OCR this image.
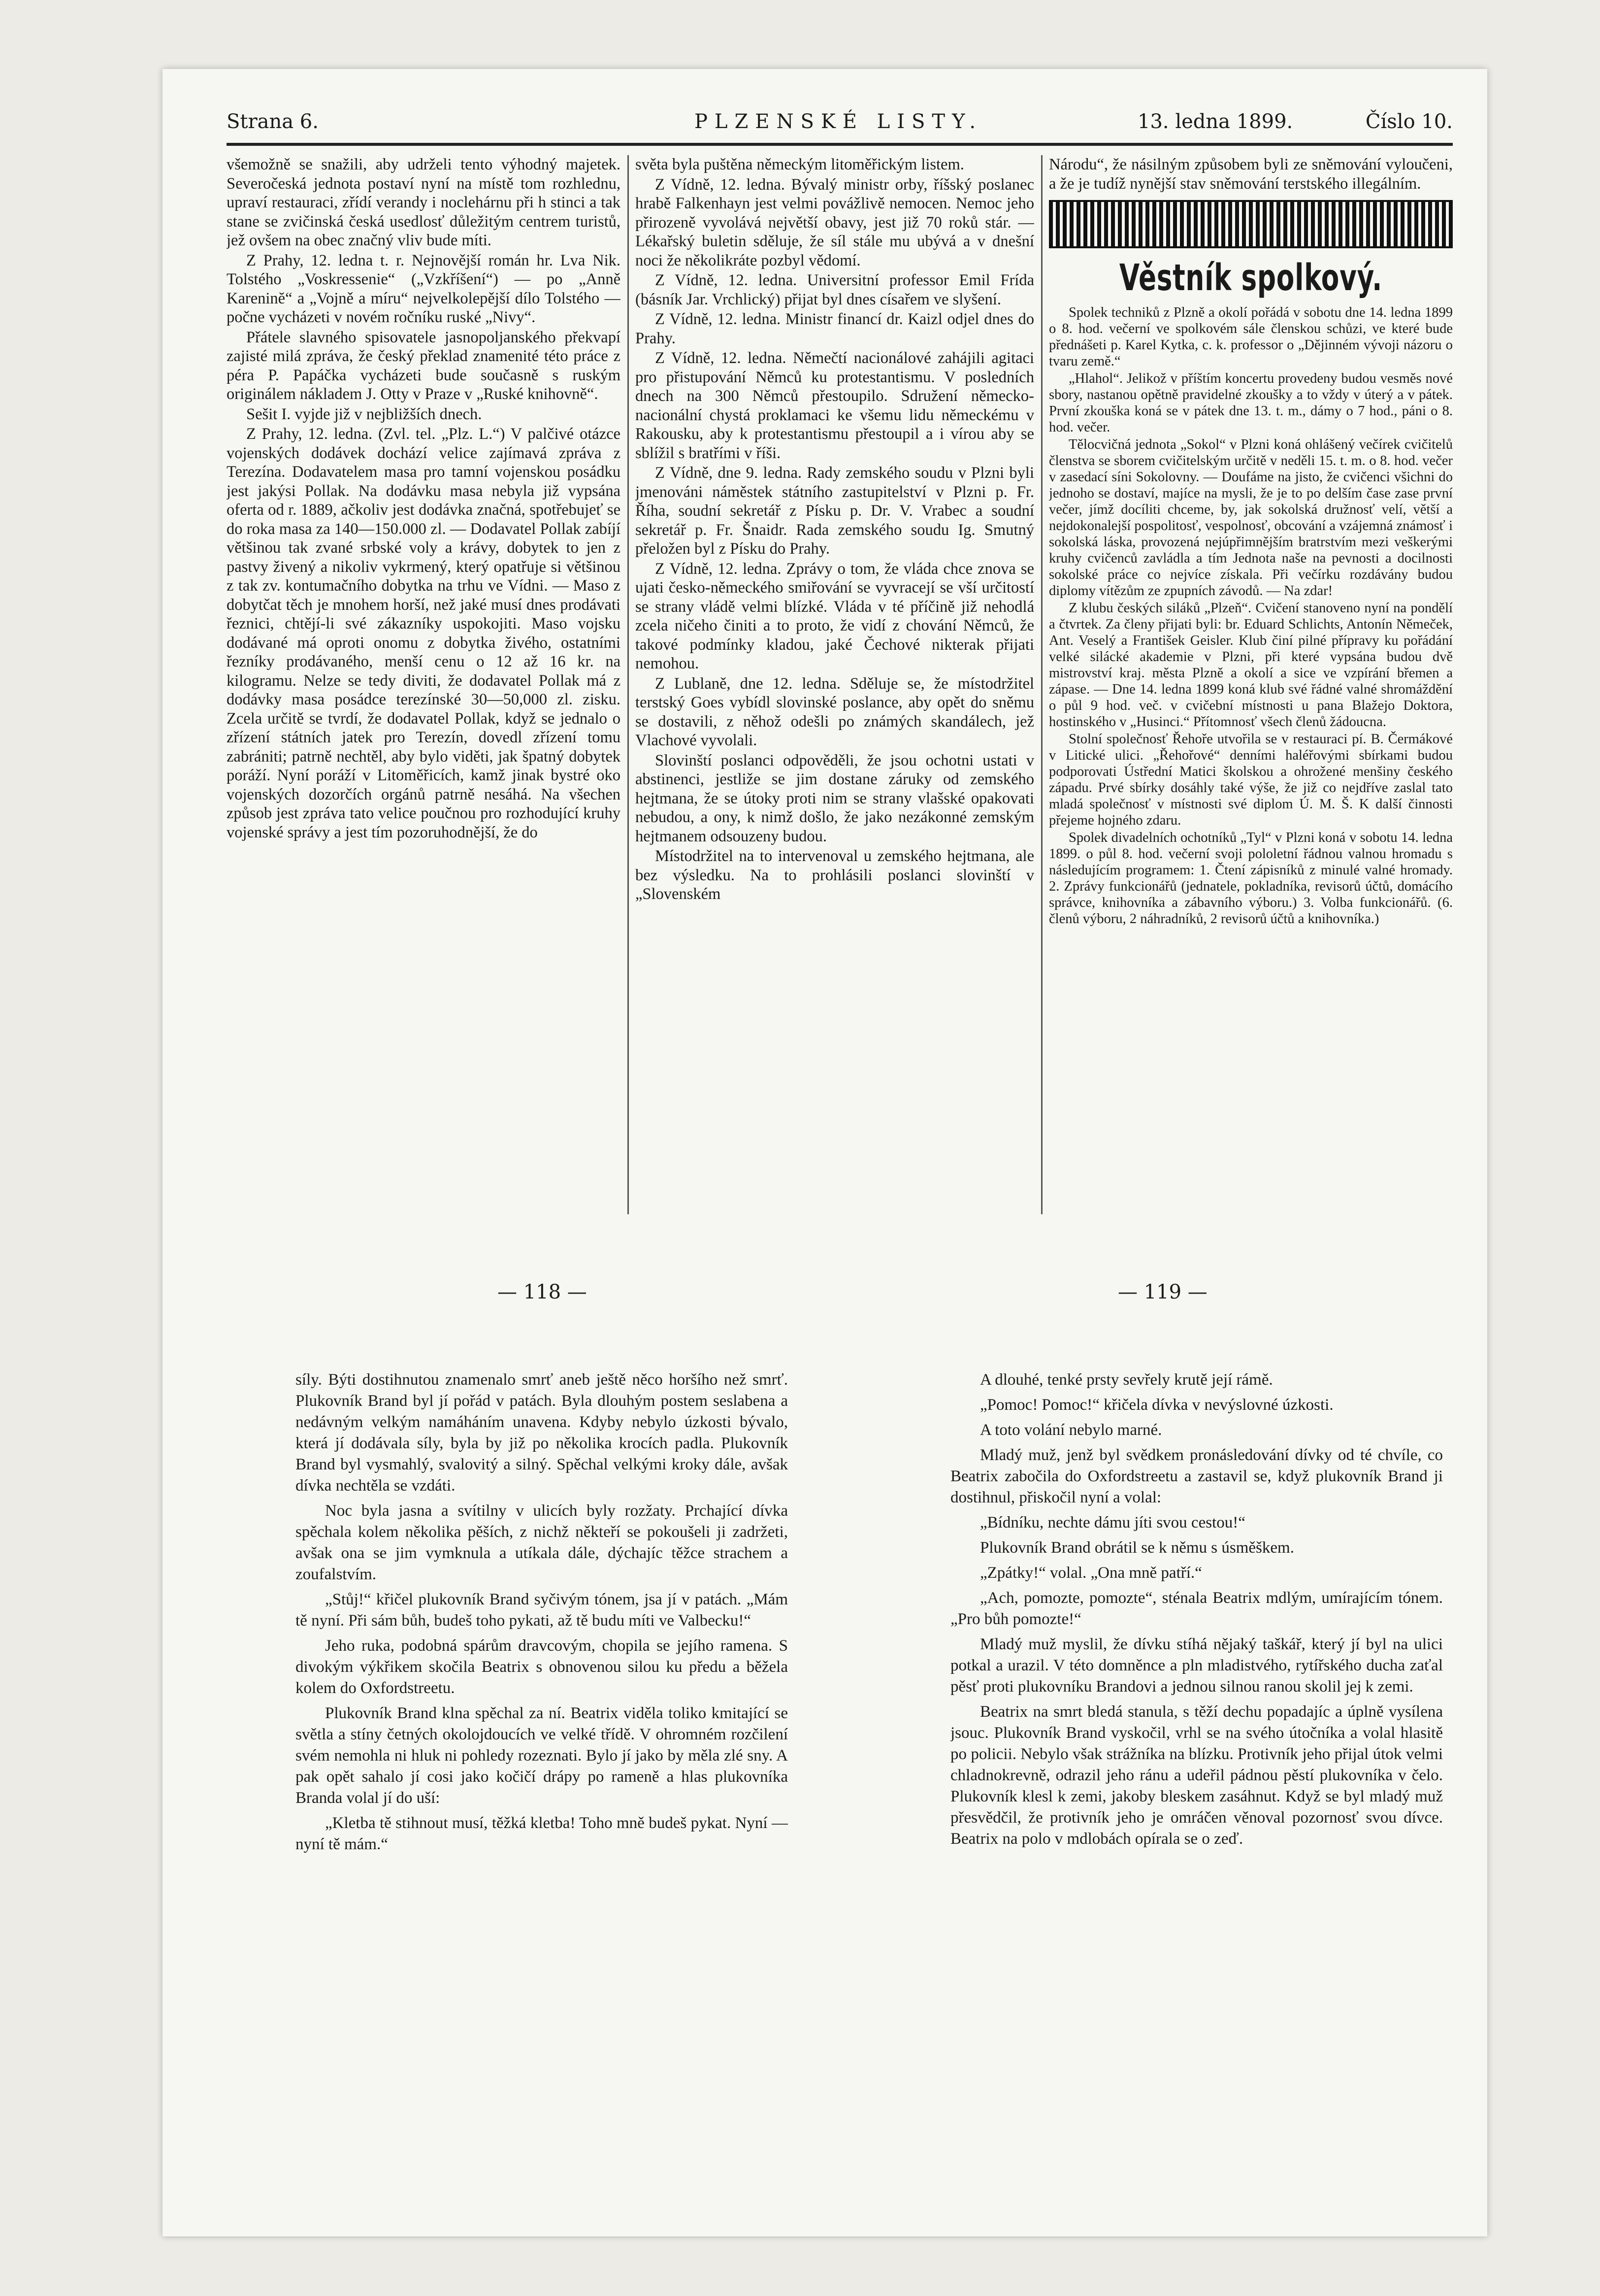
Strana 6.	PLZENSKÉ LISTY.	13. ledna 1899.	Číslo 10.

všemožně se snažili, aby udrželi tento výhodný majetek. Severočeská jednota postaví nyní na místě tom rozhlednu, upraví restauraci, zřídí verandy i noclehárnu při h stinci a tak stane se zvičinská česká usedlosť důležitým centrem turistů, jež ovšem na obec značný vliv bude míti.

Z Prahy, 12. ledna t. r. Nejnovější román hr. Lva Nik. Tolstého „Voskressenie“ („Vzkříšení“) — po „Anně Kareninĕ“ a „Vojně a míru“ nejvelkolepější dílo Tolstého — počne vycházeti v novém ročníku ruské „Nivy“.

Přátele slavného spisovatele jasnopoljanského překvapí zajisté milá zpráva, že český překlad znamenité této práce z péra P. Papáčka vycházeti bude současně s ruským originálem nákladem J. Otty v Praze v „Ruské knihovně“.

Sešit I. vyjde již v nejbližších dnech.

Z Prahy, 12. ledna. (Zvl. tel. „Plz. L.“) V palčivé otázce vojenských dodávek dochází velice zajímavá zpráva z Terezína. Dodavatelem masa pro tamní vojenskou posádku jest jakýsi Pollak. Na dodávku masa nebyla již vypsána oferta od r. 1889, ačkoliv jest dodávka značná, spotřebujeť se do roka masa za 140—150.000 zl. — Dodavatel Pollak zabíjí většinou tak zvané srbské voly a krávy, dobytek to jen z pastvy živený a nikoliv vykrmený, který opatřuje si většinou z tak zv. kontumačního dobytka na trhu ve Vídni. — Maso z dobytčat těch je mnohem horší, než jaké musí dnes prodávati řeznici, chtějí-li své zákazníky uspokojiti. Maso vojsku dodávané má oproti onomu z dobytka živého, ostatními řezníky prodávaného, menší cenu o 12 až 16 kr. na kilogramu. Nelze se tedy diviti, že dodavatel Pollak má z dodávky masa posádce terezínské 30—50,000 zl. zisku. Zcela určitě se tvrdí, že dodavatel Pollak, když se jednalo o zřízení státních jatek pro Terezín, dovedl zřízení tomu zabrániti; patrně nechtěl, aby bylo viděti, jak špatný dobytek poráží. Nyní poráží v Litoměřicích, kamž jinak bystré oko vojenských dozorčích orgánů patrně nesáhá. Na všechen způsob jest zpráva tato velice poučnou pro rozhodující kruhy vojenské správy a jest tím pozoruhodnější, že do

světa byla puštěna německým litoměřickým listem.

Z Vídně, 12. ledna. Bývalý ministr orby, říšský poslanec hrabě Falkenhayn jest velmi povážlivě nemocen. Nemoc jeho přirozeně vyvolává největší obavy, jest již 70 roků stár. — Lékařský buletin sděluje, že síl stále mu ubývá a v dnešní noci že několikráte pozbyl vědomí.

Z Vídně, 12. ledna. Universitní professor Emil Frída (básník Jar. Vrchlický) přijat byl dnes císařem ve slyšení.

Z Vídně, 12. ledna. Ministr financí dr. Kaizl odjel dnes do Prahy.

Z Vídně, 12. ledna. Němečtí nacionálové zahájili agitaci pro přistupování Němců ku protestantismu. V posledních dnech na 300 Němců přestoupilo. Sdružení německo-nacionální chystá proklamaci ke všemu lidu německému v Rakousku, aby k protestantismu přestoupil a i vírou aby se sblížil s bratřími v říši.

Z Vídně, dne 9. ledna. Rady zemského soudu v Plzni byli jmenováni náměstek státního zastupitelství v Plzni p. Fr. Říha, soudní sekretář z Písku p. Dr. V. Vrabec a soudní sekretář p. Fr. Šnaidr. Rada zemského soudu Ig. Smutný přeložen byl z Písku do Prahy.

Z Vídně, 12. ledna. Zprávy o tom, že vláda chce znova se ujati česko-německého smiřování se vyvracejí se vší určitostí se strany vládě velmi blízké. Vláda v té příčině již nehodlá zcela ničeho činiti a to proto, že vidí z chování Němců, že takové podmínky kladou, jaké Čechové nikterak přijati nemohou.

Z Lublaně, dne 12. ledna. Sděluje se, že místodržitel terstský Goes vybídl slovinské poslance, aby opět do sněmu se dostavili, z něhož odešli po známých skandálech, jež Vlachové vyvolali.

Slovinští poslanci odpověděli, že jsou ochotni ustati v abstinenci, jestliže se jim dostane záruky od zemského hejtmana, že se útoky proti nim se strany vlašské opakovati nebudou, a ony, k nimž došlo, že jako nezákonné zemským hejtmanem odsouzeny budou.

Místodržitel na to intervenoval u zemského hejtmana, ale bez výsledku. Na to prohlásili poslanci slovinští v „Slovenském

Národu“, že násilným způsobem byli ze sněmování vyloučeni, a že je tudíž nynější stav sněmování terstského illegálním.

Věstník spolkový.

Spolek techniků z Plzně a okolí pořádá v sobotu dne 14. ledna 1899 o 8. hod. večerní ve spolkovém sále členskou schůzi, ve které bude přednášeti p. Karel Kytka, c. k. professor o „Dějinném vývoji názoru o tvaru země.“

„Hlahol“. Jelikož v příštím koncertu provedeny budou vesměs nové sbory, nastanou opětně pravidelné zkoušky a to vždy v úterý a v pátek. První zkouška koná se v pátek dne 13. t. m., dámy o 7 hod., páni o 8. hod. večer.

Tělocvičná jednota „Sokol“ v Plzni koná ohlášený večírek cvičitelů členstva se sborem cvičitelským určitě v neděli 15. t. m. o 8. hod. večer v zasedací síni Sokolovny. — Doufáme na jisto, že cvičenci všichni do jednoho se dostaví, majíce na mysli, že je to po delším čase zase první večer, jímž docíliti chceme, by, jak sokolská družnosť velí, větší a nejdokonalejší pospolitosť, vespolnosť, obcování a vzájemná známosť i sokolská láska, provozená nejúpřimnějším bratrstvím mezi veškerými kruhy cvičenců zavládla a tím Jednota naše na pevnosti a docilnosti sokolské práce co nejvíce získala. Při večírku rozdávány budou diplomy vítězům ze zpupních závodů. — Na zdar!

Z klubu českých siláků „Plzeň“. Cvičení stanoveno nyní na pondělí a čtvrtek. Za členy přijati byli: br. Eduard Schlichts, Antonín Němeček, Ant. Veselý a František Geisler. Klub činí pilné přípravy ku pořádání velké silácké akademie v Plzni, při které vypsána budou dvě mistrovství kraj. města Plzně a okolí a sice ve vzpírání břemen a zápase. — Dne 14. ledna 1899 koná klub své řádné valné shromáždění o půl 9 hod. več. v cvičební místnosti u pana Blažejo Doktora, hostinského v „Husinci.“ Přítomnosť všech členů žádoucna.

Stolní společnosť Řehoře utvořila se v restauraci pí. B. Čermákové v Litické ulici. „Řehořové“ denními haléřovými sbírkami budou podporovati Ústřední Matici školskou a ohrožené menšiny českého západu. Prvé sbírky dosáhly také výše, že již co nejdříve zaslal tato mladá společnosť v místnosti své diplom Ú. M. Š. K další činnosti přejeme hojného zdaru.

Spolek divadelních ochotníků „Tyl“ v Plzni koná v sobotu 14. ledna 1899. o půl 8. hod. večerní svoji pololetní řádnou valnou hromadu s následujícím programem: 1. Čtení zápisníků z minulé valné hromady. 2. Zprávy funkcionářů (jednatele, pokladníka, revisorů účtů, domácího správce, knihovníka a zábavního výboru.) 3. Volba funkcionářů. (6. členů výboru, 2 náhradníků, 2 revisorů účtů a knihovníka.)

— 118 —	— 119 —

síly. Býti dostihnutou znamenalo smrť aneb ještě něco horšího než smrť. Plukovník Brand byl jí pořád v patách. Byla dlouhým postem seslabena a nedávným velkým namáháním unavena. Kdyby nebylo úzkosti bývalo, která jí dodávala síly, byla by již po několika krocích padla. Plukovník Brand byl vysmahlý, svalovitý a silný. Spěchal velkými kroky dále, avšak dívka nechtěla se vzdáti.

Noc byla jasna a svítilny v ulicích byly rozžaty. Prchající dívka spěchala kolem několika pěších, z nichž někteří se pokoušeli ji zadržeti, avšak ona se jim vymknula a utíkala dále, dýchajíc těžce strachem a zoufalstvím.

„Stůj!“ křičel plukovník Brand syčivým tónem, jsa jí v patách. „Mám tě nyní. Při sám bůh, budeš toho pykati, až tě budu míti ve Valbecku!“

Jeho ruka, podobná spárům dravcovým, chopila se jejího ramena. S divokým výkřikem skočila Beatrix s obnovenou silou ku předu a běžela kolem do Oxfordstreetu.

Plukovník Brand klna spěchal za ní. Beatrix viděla toliko kmitající se světla a stíny četných okolojdoucích ve velké třídě. V ohromném rozčilení svém nemohla ni hluk ni pohledy rozeznati. Bylo jí jako by měla zlé sny. A pak opět sahalo jí cosi jako kočičí drápy po rameně a hlas plukovníka Branda volal jí do uší:

„Kletba tě stihnout musí, těžká kletba! Toho mně budeš pykat. Nyní — nyní tě mám.“

A dlouhé, tenké prsty sevřely krutě její rámě.

„Pomoc! Pomoc!“ křičela dívka v nevýslovné úzkosti.

A toto volání nebylo marné.

Mladý muž, jenž byl svědkem pronásledování dívky od té chvíle, co Beatrix zabočila do Oxfordstreetu a zastavil se, když plukovník Brand ji dostihnul, přiskočil nyní a volal:

„Bídníku, nechte dámu jíti svou cestou!“

Plukovník Brand obrátil se k němu s úsměškem.

„Zpátky!“ volal. „Ona mně patří.“

„Ach, pomozte, pomozte“, sténala Beatrix mdlým, umírajícím tónem. „Pro bůh pomozte!“

Mladý muž myslil, že dívku stíhá nějaký taškář, který jí byl na ulici potkal a urazil. V této domněnce a pln mladistvého, rytířského ducha zaťal pěsť proti plukovníku Brandovi a jednou silnou ranou skolil jej k zemi.

Beatrix na smrt bledá stanula, s těží dechu popadajíc a úplně vysílena jsouc. Plukovník Brand vyskočil, vrhl se na svého útočníka a volal hlasitě po policii. Nebylo však strážníka na blízku. Protivník jeho přijal útok velmi chladnokrevně, odrazil jeho ránu a udeřil pádnou pěstí plukovníka v čelo. Plukovník klesl k zemi, jakoby bleskem zasáhnut. Když se byl mladý muž přesvědčil, že protivník jeho je omráčen věnoval pozornosť svou dívce. Beatrix na polo v mdlobách opírala se o zeď.
